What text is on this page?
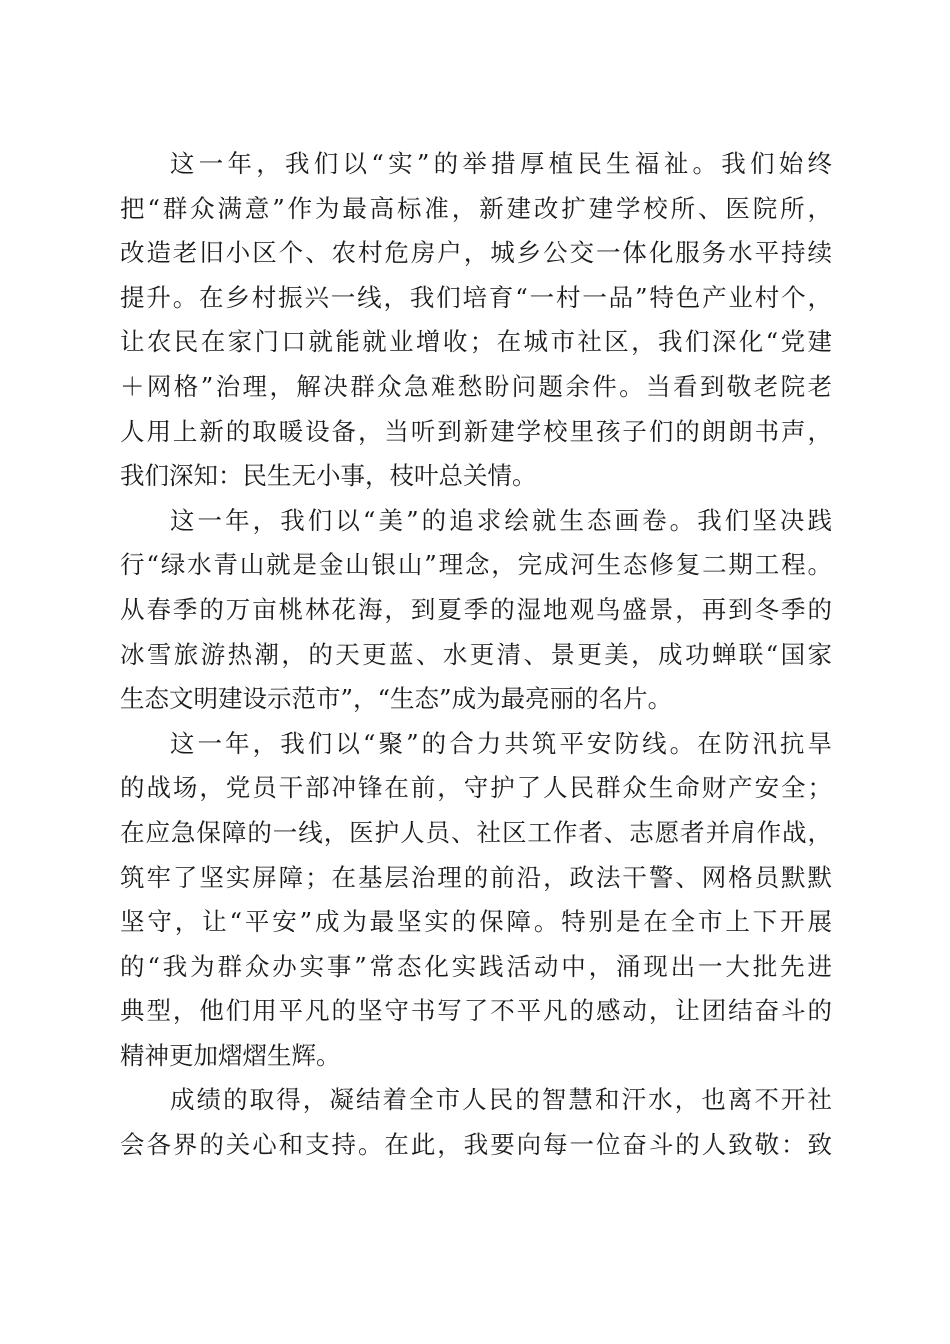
这一年，我们以“实”的举措厚植民生福祉。我们始终
把“群众满意”作为最高标准，新建改扩建学校所、医院所，
改造老旧小区个、农村危房户，城乡公交一体化服务水平持续
提升。在乡村振兴一线，我们培育“一村一品”特色产业村个，
让农民在家门口就能就业增收；在城市社区，我们深化“党建
＋网格”治理，解决群众急难愁盼问题余件。当看到敬老院老
人用上新的取暖设备，当听到新建学校里孩子们的朗朗书声，
我们深知：民生无小事，枝叶总关情。
这一年，我们以“美”的追求绘就生态画卷。我们坚决践
行“绿水青山就是金山银山”理念，完成河生态修复二期工程。
从春季的万亩桃林花海，到夏季的湿地观鸟盛景，再到冬季的
冰雪旅游热潮，的天更蓝、水更清、景更美，成功蝉联“国家
生态文明建设示范市”，“生态”成为最亮丽的名片。
这一年，我们以“聚”的合力共筑平安防线。在防汛抗旱
的战场，党员干部冲锋在前，守护了人民群众生命财产安全；
在应急保障的一线，医护人员、社区工作者、志愿者并肩作战，
筑牢了坚实屏障；在基层治理的前沿，政法干警、网格员默默
坚守，让“平安”成为最坚实的保障。特别是在全市上下开展
的“我为群众办实事”常态化实践活动中，涌现出一大批先进
典型，他们用平凡的坚守书写了不平凡的感动，让团结奋斗的
精神更加熠熠生辉。
成绩的取得，凝结着全市人民的智慧和汗水，也离不开社
会各界的关心和支持。在此，我要向每一位奋斗的人致敬：致
